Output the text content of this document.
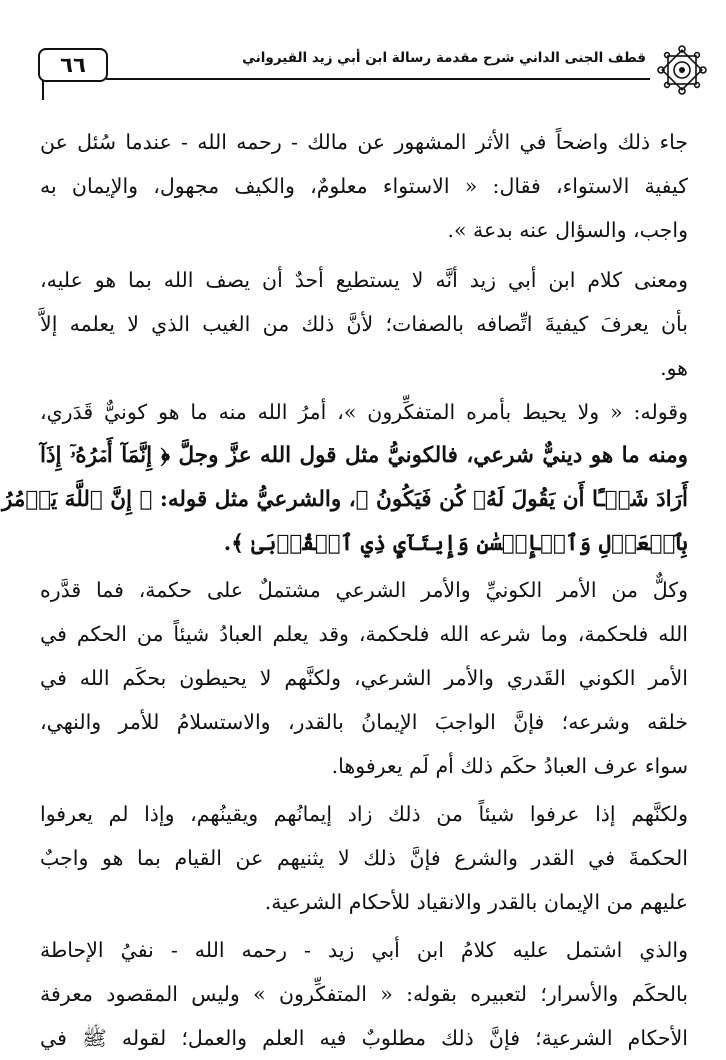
٦٦	قطف الجنى الداني شرح مقدمة رسالة ابن أبي زيد القيرواني
جاء ذلك واضحاً في الأثر المشهور عن مالك - رحمه الله - عندما سُئل عن
كيفية الاستواء، فقال: « الاستواء معلومٌ، والكيف مجهول، والإيمان به
واجب، والسؤال عنه بدعة ».
ومعنى كلام ابن أبي زيد أنَّه لا يستطيع أحدٌ أن يصف الله بما هو عليه،
بأن يعرفَ كيفيةَ اتِّصافه بالصفات؛ لأنَّ ذلك من الغيب الذي لا يعلمه إلاَّ
هو.
وقوله: « ولا يحيط بأمره المتفكِّرون »، أمرُ الله منه ما هو كونيٌّ قَدَري،
ومنه ما هو دينيٌّ شرعي، فالكونيُّ مثل قول الله عزَّ وجلَّ ﴿ إِنَّمَآ أَمۡرُهُۥٓ إِذَآ
أَرَادَ شَيۡـًٔا أَن يَقُولَ لَهُۥ كُن فَيَكُونُ ﴾، والشرعيُّ مثل قوله: ﴿ إِنَّ ٱللَّهَ يَأۡمُرُ
بِٱلۡعَدۡلِ وَٱلۡإِحۡسَٰنِ وَإِيتَآيِٕ ذِي ٱلۡقُرۡبَىٰ ﴾.
وكلٌّ من الأمر الكونيِّ والأمر الشرعي مشتملٌ على حكمة، فما قدَّره
الله فلحكمة، وما شرعه الله فلحكمة، وقد يعلم العبادُ شيئاً من الحكم في
الأمر الكوني القَدري والأمر الشرعي، ولكنَّهم لا يحيطون بحكَم الله في
خلقه وشرعه؛ فإنَّ الواجبَ الإيمانُ بالقدر، والاستسلامُ للأمر والنهي،
سواء عرف العبادُ حكَم ذلك أم لَم يعرفوها.
ولكنَّهم إذا عرفوا شيئاً من ذلك زاد إيمانُهم ويقينُهم، وإذا لم يعرفوا
الحكمةَ في القدر والشرع فإنَّ ذلك لا يثنيهم عن القيام بما هو واجبٌ
عليهم من الإيمان بالقدر والانقياد للأحكام الشرعية.
والذي اشتمل عليه كلامُ ابن أبي زيد - رحمه الله - نفيُ الإحاطة
بالحكَم والأسرار؛ لتعبيره بقوله: « المتفكِّرون » وليس المقصود معرفة
الأحكام الشرعية؛ فإنَّ ذلك مطلوبٌ فيه العلم والعمل؛ لقوله ﷺ في
